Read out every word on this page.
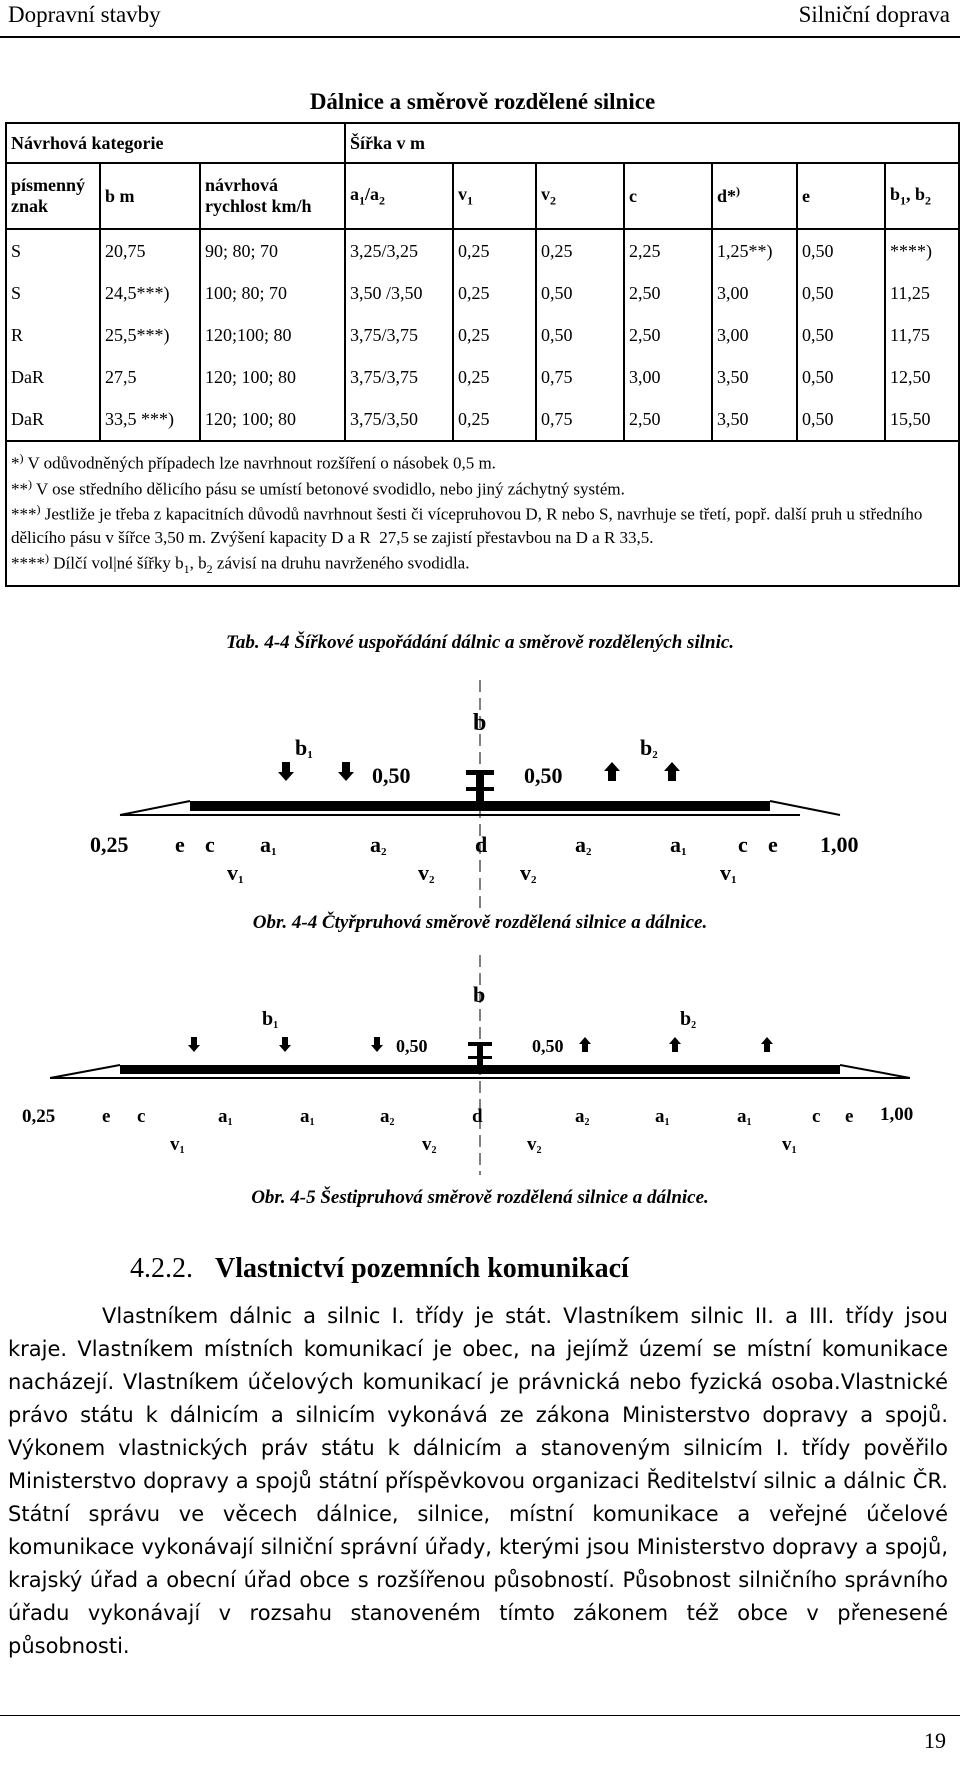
Dopravní stavby	Silniční doprava
Dálnice a směrově rozdělené silnice									
Návrhová kategorie			Šířka v m						
písmenný znak	b m	návrhová rychlost km/h	$a_1/a_2$	$v_1$	$v_2$	c	d*)	e	$b_1$, $b_2$
S	20,75	90; 80; 70	3,25/3,25	0,25	0,25	2,25	1,25**)	0,50	****)
S	24,5***)	100; 80; 70	3,50 /3,50	0,25	0,50	2,50	3,00	0,50	11,25
R	25,5***)	120;100; 80	3,75/3,75	0,25	0,50	2,50	3,00	0,50	11,75
DaR	27,5	120; 100; 80	3,75/3,75	0,25	0,75	3,00	3,50	0,50	12,50
DaR	33,5 ***)	120; 100; 80	3,75/3,50	0,25	0,75	2,50	3,50	0,50	15,50

*) V odůvodněných případech lze navrhnout rozšíření o násobek 0,5 m.
**) V ose středního dělicího pásu se umístí betonové svodidlo, nebo jiný záchytný systém.
***) Jestliže je třeba z kapacitních důvodů navrhnout šesti či vícepruhovou D, R nebo S, navrhuje se třetí, popř. další pruh u středního dělicího pásu v šířce 3,50 m. Zvýšení kapacity D a R  27,5 se zajistí přestavbou na D a R 33,5.
****) Dílčí vol|né šířky $b_1$, $b_2$ závisí na druhu navrženého svodidla.									
Tab. 4-4 Šířkové uspořádání dálnic a směrově rozdělených silnic.
b
b1	b2
0,50	0,50
0,25 e c a1	a2	d	a2	a1 c e 1,00
v1	v2	v2	v1
Obr. 4-4 Čtyřpruhová směrově rozdělená silnice a dálnice.
b
b1	b2
0,50	0,50
0,25 e c	a1	a1	a2	d	a2	a1	a1	c e 1,00
v1	v2	v2	v1
Obr. 4-5 Šestipruhová směrově rozdělená silnice a dálnice.
4.2.2. Vlastnictví pozemních komunikací
Vlastníkem dálnic a silnic I. třídy je stát. Vlastníkem silnic II. a III. třídy jsou kraje. Vlastníkem místních komunikací je obec, na jejímž území se místní komunikace nacházejí. Vlastníkem účelových komunikací je právnická nebo fyzická osoba.Vlastnické právo státu k dálnicím a silnicím vykonává ze zákona Ministerstvo dopravy a spojů. Výkonem vlastnických práv státu k dálnicím a stanoveným silnicím I. třídy pověřilo Ministerstvo dopravy a spojů státní příspěvkovou organizaci Ředitelství silnic a dálnic ČR. Státní správu ve věcech dálnice, silnice, místní komunikace a veřejné účelové komunikace vykonávají silniční správní úřady, kterými jsou Ministerstvo dopravy a spojů, krajský úřad a obecní úřad obce s rozšířenou působností. Působnost silničního správního úřadu vykonávají v rozsahu stanoveném tímto zákonem též obce v přenesené působnosti.
19
